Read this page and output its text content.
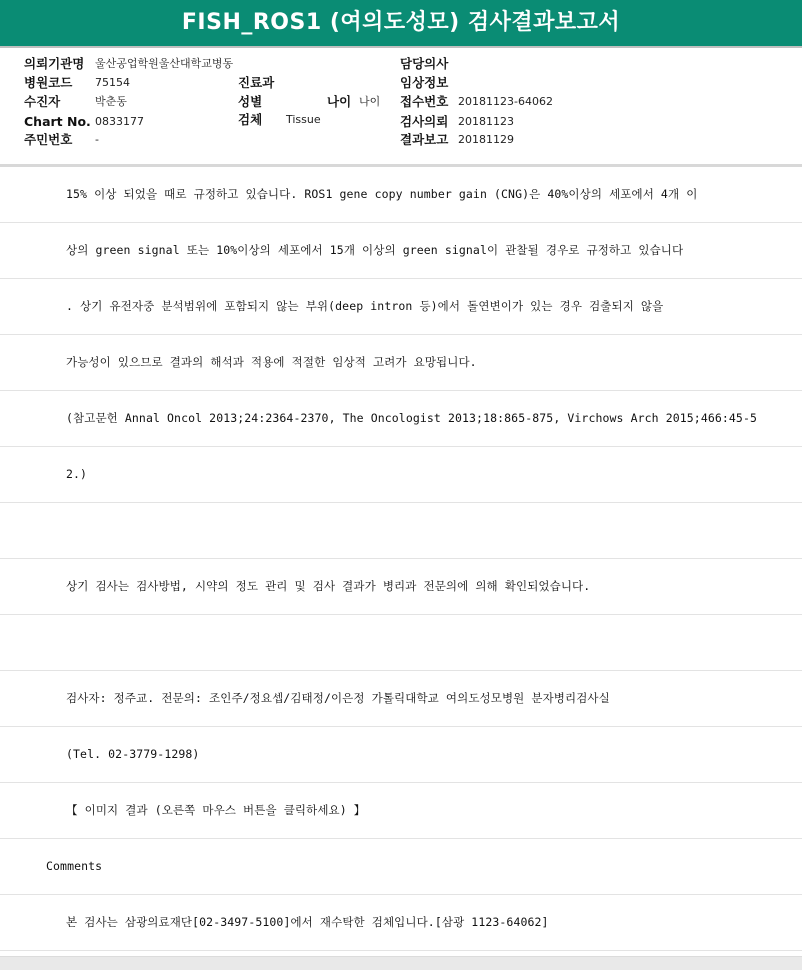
FISH_ROS1 (여의도성모) 검사결과보고서
의뢰기관명 울산공업학원울산대학교병동	담당의사
병원코드 75154	진료과	임상정보
수진자	박춘동	성별	나이 나이 접수번호 20181123-64062
Chart No. 0833177	검체 Tissue	검사의뢰 20181123
주민번호 -	결과보고 20181129
15% 이상 되었을 때로 규정하고 있습니다. ROS1 gene copy number gain (CNG)은 40%이상의 세포에서 4개 이
상의 green signal 또는 10%이상의 세포에서 15개 이상의 green signal이 관찰될 경우로 규정하고 있습니다
. 상기 유전자중 분석범위에 포함되지 않는 부위(deep intron 등)에서 돌연변이가 있는 경우 검출되지 않을
가능성이 있으므로 결과의 해석과 적용에 적절한 임상적 고려가 요망됩니다.
(참고문헌 Annal Oncol 2013;24:2364-2370, The Oncologist 2013;18:865-875, Virchows Arch 2015;466:45-5
2.)
상기 검사는 검사방법, 시약의 정도 관리 및 검사 결과가 병리과 전문의에 의해 확인되었습니다.
검사자: 정주교. 전문의: 조인주/정요셉/김태정/이은정 가톨릭대학교 여의도성모병원 분자병리검사실
(Tel. 02-3779-1298)
【 이미지 결과 (오른쪽 마우스 버튼을 클릭하세요) 】
Comments
본 검사는 삼광의료재단[02-3497-5100]에서 재수탁한 검체입니다.[삼광 1123-64062]
